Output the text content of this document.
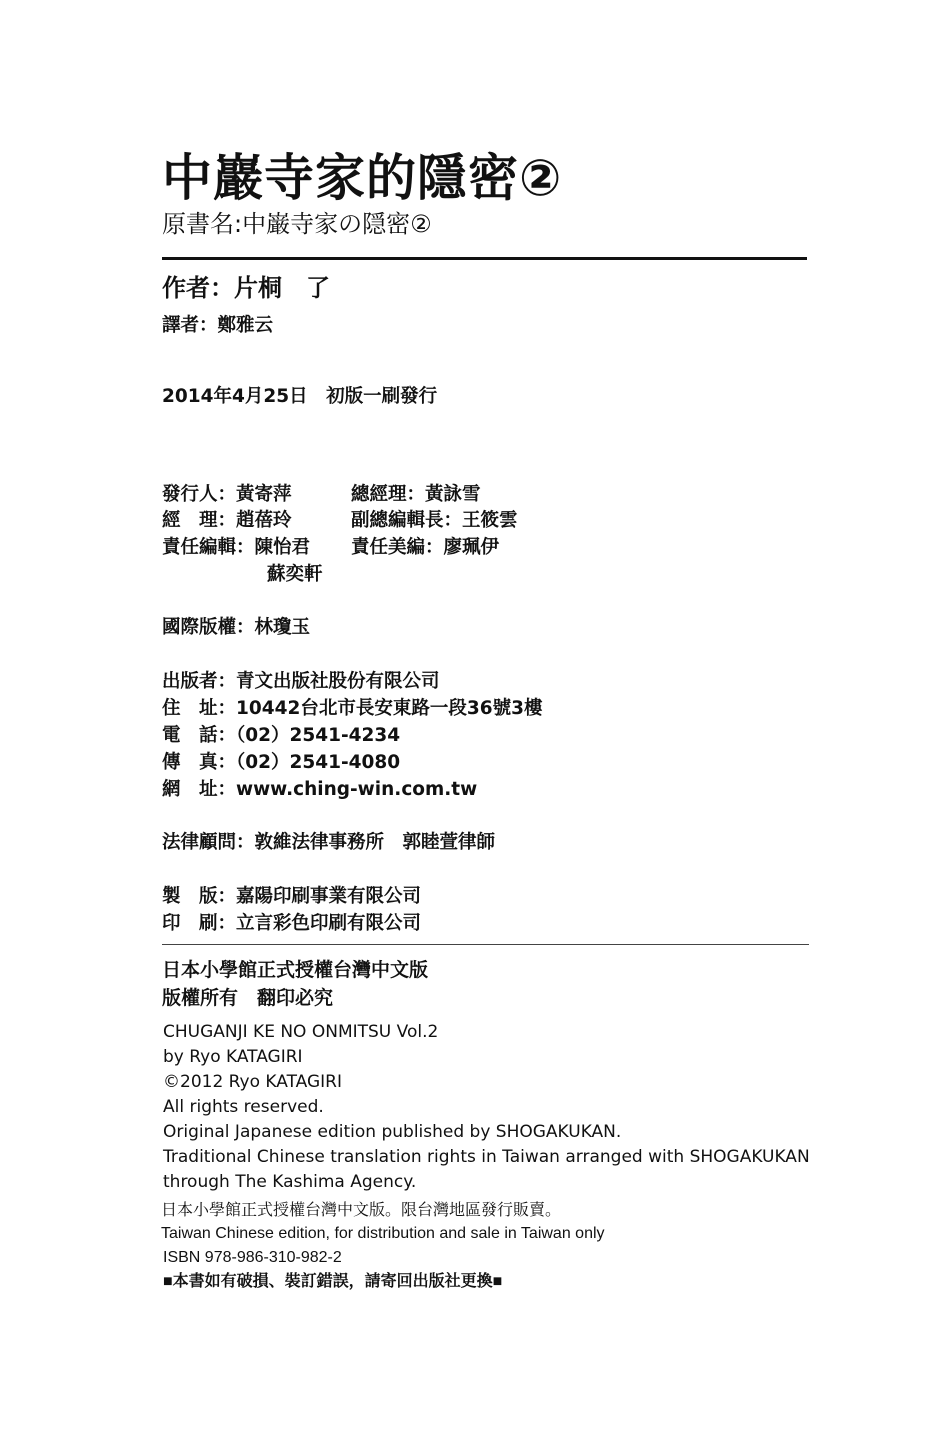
中巖寺家的隱密②
原書名:中巌寺家の隠密②
作者：片桐　了
譯者：鄭雅云
2014年4月25日　初版一刷發行
發行人：黃寄萍	總經理：黃詠雪
經　理：趙蓓玲	副總編輯長：王筱雲
責任編輯：陳怡君 責任美編：廖珮伊
蘇奕軒
國際版權：林瓊玉
出版者：青文出版社股份有限公司
住　址：10442台北市長安東路一段36號3樓
電　話：（02）2541-4234
傳　真：（02）2541-4080
網　址：www.ching-win.com.tw
法律顧問：敦維法律事務所　郭睦萱律師
製　版：嘉陽印刷事業有限公司
印　刷：立言彩色印刷有限公司
日本小學館正式授權台灣中文版
版權所有　翻印必究
CHUGANJI KE NO ONMITSU Vol.2
by Ryo KATAGIRI
©2012 Ryo KATAGIRI
All rights reserved.
Original Japanese edition published by SHOGAKUKAN.
Traditional Chinese translation rights in Taiwan arranged with SHOGAKUKAN
through The Kashima Agency.
日本小學館正式授權台灣中文版。限台灣地區發行販賣。
Taiwan Chinese edition, for distribution and sale in Taiwan only
ISBN 978-986-310-982-2
■本書如有破損、裝訂錯誤，請寄回出版社更換■
